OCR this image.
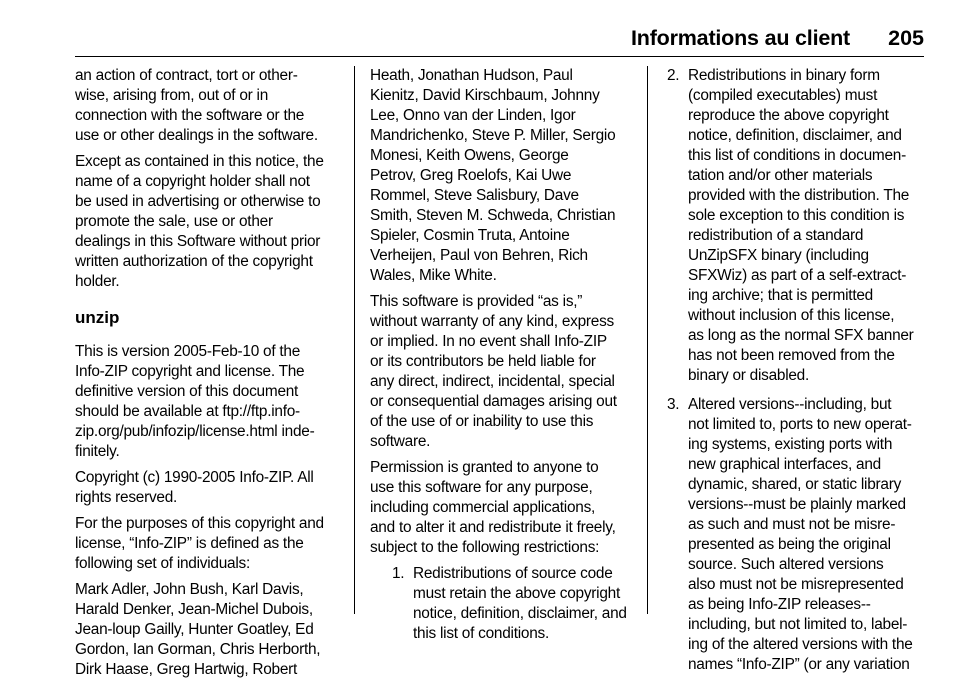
Informations au client 205

an action of contract, tort or other-
wise, arising from, out of or in
connection with the software or the
use or other dealings in the software.

Except as contained in this notice, the
name of a copyright holder shall not
be used in advertising or otherwise to
promote the sale, use or other
dealings in this Software without prior
written authorization of the copyright
holder.

unzip

This is version 2005-Feb-10 of the
Info-ZIP copyright and license. The
definitive version of this document
should be available at ftp://ftp.info-
zip.org/pub/infozip/license.html inde-
finitely.

Copyright (c) 1990-2005 Info-ZIP. All
rights reserved.

For the purposes of this copyright and
license, “Info-ZIP” is defined as the
following set of individuals:

Mark Adler, John Bush, Karl Davis,
Harald Denker, Jean-Michel Dubois,
Jean-loup Gailly, Hunter Goatley, Ed
Gordon, Ian Gorman, Chris Herborth,
Dirk Haase, Greg Hartwig, Robert

Heath, Jonathan Hudson, Paul
Kienitz, David Kirschbaum, Johnny
Lee, Onno van der Linden, Igor
Mandrichenko, Steve P. Miller, Sergio
Monesi, Keith Owens, George
Petrov, Greg Roelofs, Kai Uwe
Rommel, Steve Salisbury, Dave
Smith, Steven M. Schweda, Christian
Spieler, Cosmin Truta, Antoine
Verheijen, Paul von Behren, Rich
Wales, Mike White.

This software is provided “as is,”
without warranty of any kind, express
or implied. In no event shall Info-ZIP
or its contributors be held liable for
any direct, indirect, incidental, special
or consequential damages arising out
of the use of or inability to use this
software.

Permission is granted to anyone to
use this software for any purpose,
including commercial applications,
and to alter it and redistribute it freely,
subject to the following restrictions:

1. Redistributions of source code
must retain the above copyright
notice, definition, disclaimer, and
this list of conditions.
2. Redistributions in binary form
(compiled executables) must
reproduce the above copyright
notice, definition, disclaimer, and
this list of conditions in documen-
tation and/or other materials
provided with the distribution. The
sole exception to this condition is
redistribution of a standard
UnZipSFX binary (including
SFXWiz) as part of a self-extract-
ing archive; that is permitted
without inclusion of this license,
as long as the normal SFX banner
has not been removed from the
binary or disabled.
3. Altered versions--including, but
not limited to, ports to new operat-
ing systems, existing ports with
new graphical interfaces, and
dynamic, shared, or static library
versions--must be plainly marked
as such and must not be misre-
presented as being the original
source. Such altered versions
also must not be misrepresented
as being Info-ZIP releases--
including, but not limited to, label-
ing of the altered versions with the
names “Info-ZIP” (or any variation
